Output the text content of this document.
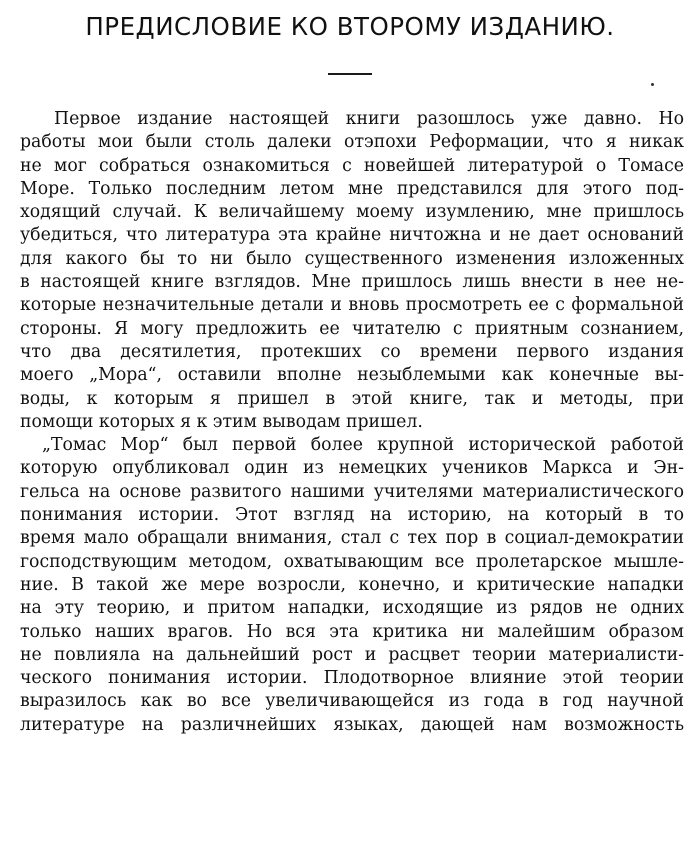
ПРЕДИСЛОВИЕ КО ВТОРОМУ ИЗДАНИЮ.

Первое издание настоящей книги разошлось уже давно. Но
работы мои были столь далеки отэпохи Реформации, что я никак
не мог собраться ознакомиться с новейшей литературой о Томасе
Море. Только последним летом мне представился для этого под-
ходящий случай. К величайшему моему изумлению, мне пришлось
убедиться, что литература эта крайне ничтожна и не дает оснований
для какого бы то ни было существенного изменения изложенных
в настоящей книге взглядов. Мне пришлось лишь внести в нее не-
которые незначительные детали и вновь просмотреть ее с формальной
стороны. Я могу предложить ее читателю с приятным сознанием,
что два десятилетия, протекших со времени первого издания
моего „Мора“, оставили вполне незыблемыми как конечные вы-
воды, к которым я пришел в этой книге, так и методы, при
помощи которых я к этим выводам пришел.

„Томас Мор“ был первой более крупной исторической работой
которую опубликовал один из немецких учеников Маркса и Эн-
гельса на основе развитого нашими учителями материалистического
понимания истории. Этот взгляд на историю, на который в то
время мало обращали внимания, стал с тех пор в социал-демократии
господствующим методом, охватывающим все пролетарское мышле-
ние. В такой же мере возросли, конечно, и критические нападки
на эту теорию, и притом нападки, исходящие из рядов не одних
только наших врагов. Но вся эта критика ни малейшим образом
не повлияла на дальнейший рост и расцвет теории материалисти-
ческого понимания истории. Плодотворное влияние этой теории
выразилось как во все увеличивающейся из года в год научной
литературе на различнейших языках, дающей нам возможность
